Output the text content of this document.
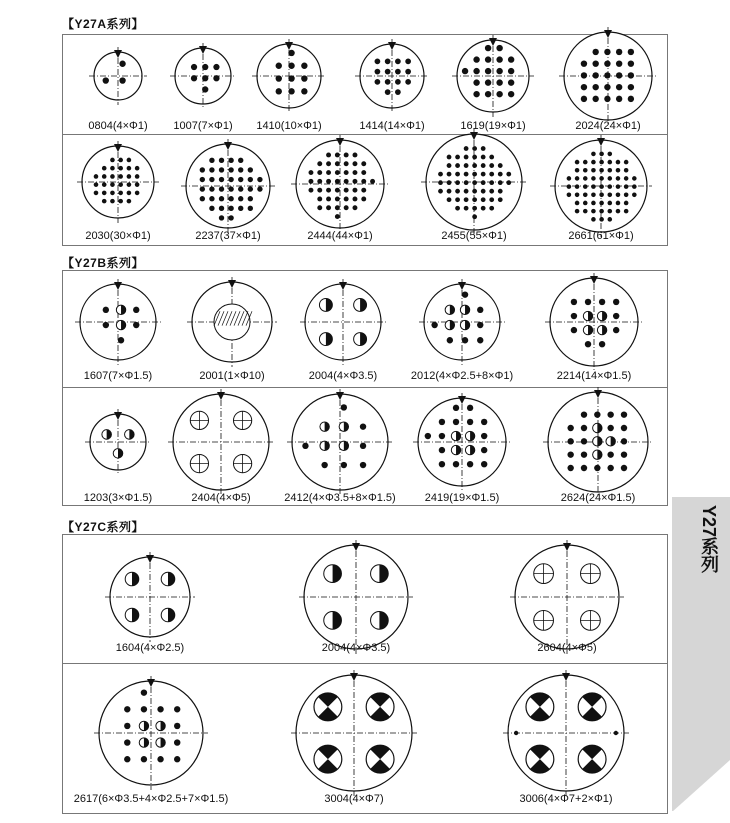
【Y27A系列】
【Y27B系列】
【Y27C系列】	Y27系列
0804(4×Φ1) 1007(7×Φ1) 1410(10×Φ1)	1414(14×Φ1)	1619(19×Φ1)	2024(24×Φ1)
2030(30×Φ1)	2237(37×Φ1)	2444(44×Φ1)	2455(55×Φ1)	2661(61×Φ1)
1607(7×Φ1.5)	2001(1×Φ10)	2004(4×Φ3.5)	2012(4×Φ2.5+8×Φ1)	2214(14×Φ1.5)
1203(3×Φ1.5)	2404(4×Φ5)	2412(4×Φ3.5+8×Φ1.5)	2419(19×Φ1.5)	2624(24×Φ1.5)
1604(4×Φ2.5)	2004(4×Φ3.5)	2604(4×Φ5)
2617(6×Φ3.5+4×Φ2.5+7×Φ1.5)	3004(4×Φ7)	3006(4×Φ7+2×Φ1)
